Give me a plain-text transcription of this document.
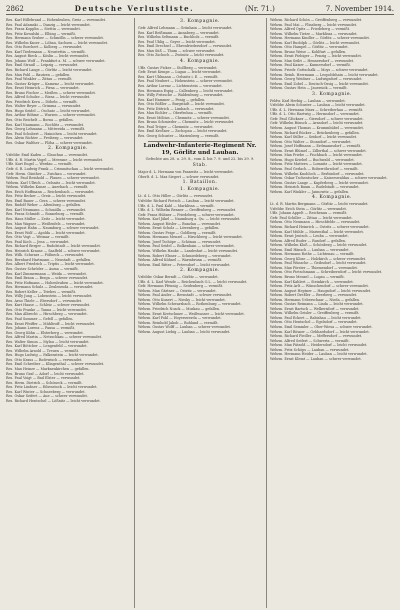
2862	Deutsche Verlustliste.	(Nr. 71.)	7. November 1914.
Res. Karl Hillebrand — Hohenleuben, Greiz — verwundet.
Res. Paul Adamski — Danzig — leicht verwundet.
Res. Franz Kopplin — Stettin — verwundet.
Res. Fritz Kowalski — Elbing — vermißt.
Res. Hermann Gruber — Schmölln — schwer verwundet.
Res. Wilhelm Knorr — Löbau, Sachsen — leicht verwundet.
Res. Otto Borchert — Kolberg — verwundet.
Res. Karl Tiedemann — Neustettin — vermißt.
Res. August Rieck — Köslin — leicht verwundet.
Res. Johann Wolf — Frankfurt a. M. — schwer verwundet.
Res. Emil Strauß — Leipzig — verwundet.
Res. Richard Lange — Görlitz — leicht verwundet.
Res. Max Pohl — Bautzen — gefallen.
Res. Paul Winkler — Zittau — vermißt.
Res. Gustav Krüger — Kamenz — leicht verwundet.
Res. Ernst Heinrich — Pirna — verwundet.
Res. Bruno Fischer — Meißen — schwer verwundet.
Res. Alfred Schulze — Riesa — leicht verwundet.
Res. Friedrich Kern — Döbeln — vermißt.
Res. Walter Beyer — Grimma — verwundet.
Res. Hugo Seidel — Oschatz — leicht verwundet.
Res. Arthur Böhme — Wurzen — schwer verwundet.
Res. Otto Reichelt — Borna — gefallen.
Res. Karl Naumann — Rochlitz — verwundet.
Res. Georg Lehmann — Mittweida — vermißt.
Res. Paul Schubert — Hainichen — leicht verwundet.
Res. Alwin Richter — Freiberg — verwundet.
Res. Oskar Walther — Flöha — schwer verwundet.
2. Kompagnie.
Vzfeldw. Emil Kaden — Glauchau — verwundet.
Uffz. d. R. Martin Vogel — Meerane — leicht verwundet.
Uffz. Kurt Engel — Werdau — vermißt.
Gefr. d. R. Ludwig Frank — Crimmitschau — leicht verwundet.
Gefr. Herm. Günther — Zwickau — verwundet.
Wehrm. Paul Reinhold — Plauen — schwer verwundet.
Wehrm. Karl Ullrich — Oelsnitz — leicht verwundet.
Wehrm. Wilhelm Kunze — Auerbach — vermißt.
Res. Erich Hoffmann — Reichenbach — verwundet.
Res. Fritz Becker — Greiz — leicht verwundet.
Res. Emil Bauer — Gera — schwer verwundet.
Res. Rudolf Weber — Altenburg — gefallen.
Res. Karl Neumann — Schmölln — verwundet.
Res. Franz Schmidt — Ronneburg — vermißt.
Res. Hans Müller — Zeitz — leicht verwundet.
Res. Max Wagner — Weißenfels — verwundet.
Res. August Hahn — Naumburg — schwer verwundet.
Res. Ernst Wolf — Apolda — leicht verwundet.
Res. Otto Vogt — Weimar — vermißt.
Res. Paul Koch — Jena — verwundet.
Res. Richard Berger — Rudolstadt — leicht verwundet.
Res. Heinrich Krause — Saalfeld — schwer verwundet.
Res. Wilh. Schwarz — Pößneck — verwundet.
Res. Bernhard Hartmann — Neustadt — gefallen.
Res. Albert Friedrich — Triptis — leicht verwundet.
Res. Gustav Schröder — Auma — vermißt.
Res. Karl Zimmermann — Weida — verwundet.
Res. Emil Braun — Berga — schwer verwundet.
Res. Fritz Hofmann — Hohenleuben — leicht verwundet.
Res. Hermann Schulz — Zeulenroda — verwundet.
Res. Robert Keller — Triebes — vermißt.
Res. Willy Jung — Lobenstein — leicht verwundet.
Res. Arno Thiele — Ebersdorf — verwundet.
Res. Kurt Haase — Schleiz — schwer verwundet.
Res. Otto Franke — Tanna — leicht verwundet.
Res. Max Albrecht — Hirschberg — verwundet.
Res. Paul Sommer — Gefell — gefallen.
Res. Ernst Pfeiffer — Mühltroff — leicht verwundet.
Res. Johann Lorenz — Pausa — vermißt.
Res. Georg Kühn — Elsterberg — verwundet.
Res. Alfred Martin — Netzschkau — schwer verwundet.
Res. Walter Simon — Mylau — leicht verwundet.
Res. Karl Böttcher — Lengenfeld — verwundet.
Res. Wilhelm Arnold — Treuen — vermißt.
Res. Hugo Ludwig — Falkenstein — leicht verwundet.
Res. Otto Kraus — Rodewisch — verwundet.
Res. Emil Schreiber — Klingenthal — schwer verwundet.
Res. Max Heinze — Markneukirchen — gefallen.
Res. Bruno Graf — Adorf — leicht verwundet.
Res. Paul Voigt — Bad Elster — verwundet.
Res. Herm. Dietrich — Schöneck — vermißt.
Res. Fritz Lindner — Eibenstock — leicht verwundet.
Res. Karl Winter — Schneeberg — verwundet.
Res. Oskar Seifert — Aue — schwer verwundet.
Res. Richard Hentschel — Lößnitz — leicht verwundet.
3. Kompagnie.
Gefr. Alfred Lehmann — Grünhain — leicht verwundet.
Res. Karl Reißmann — Annaberg — verwundet.
Res. Wilhelm Seltmann — Buchholz — vermißt.
Res. Paul Uhlig — Geyer — leicht verwundet.
Res. Emil Drechsel — Ehrenfriedersdorf — verwundet.
Res. Max Süß — Thum — schwer verwundet.
Res. Otto Zschoch — Zwönitz — leicht verwundet.
4. Kompagnie.
Uffz. Gustav Ficker — Stollberg — verwundet.
Gefr. Ernst Kempe — Lugau — leicht verwundet.
Res. Kurt Uhlmann — Oelsnitz i. E. — vermißt.
Res. Paul Neubert — Hohenstein — schwer verwundet.
Res. Arthur Lorenz — Lichtenstein — verwundet.
Res. Hermann Espig — Callenberg — leicht verwundet.
Res. Willy Fritzsche — Waldenburg — verwundet.
Res. Karl Hammer — Penig — gefallen.
Res. Otto Rößler — Burgstädt — leicht verwundet.
Res. Fritz Dittrich — Limbach — verwundet.
Res. Max Eichler — Oberfrohna — vermißt.
Res. Ernst Möbius — Chemnitz — schwer verwundet.
Res. Bruno Schmieder — Chemnitz — leicht verwundet.
Res. Paul Tröger — Chemnitz — verwundet.
Res. Emil Kreßner — Zschopau — leicht verwundet.
Res. Georg Schuster — Marienberg — vermißt.
Landwehr-Infanterie-Regiment Nr. 19, Görlitz und Lauban.
Gefechte am 28. u. 29. 8., vom 4. bis 7. 9. und 22. bis 29. 9.
Stab.
Major d. L. Hermann von Pannwitz — leicht verwundet.
Oberlt. d. L. Max Siegert — schwer verwundet.
1. Bataillon.
1. Kompagnie.
Lt. d. L. Otto Hiller — Görlitz — verwundet.
Vzfeldw. Richard Pietsch — Lauban — leicht verwundet.
Uffz. d. L. Paul Kahl — Marklissa — vermißt.
Uffz. d. L. Wilhelm Renner — Greiffenberg — verwundet.
Gefr. Franz Hübner — Friedeberg — schwer verwundet.
Wehrm. Karl Jäkel — Naumburg a. Qu. — leicht verwundet.
Wehrm. August Rösler — Bunzlau — verwundet.
Wehrm. Ernst Scholz — Löwenberg — gefallen.
Wehrm. Gustav Feige — Goldberg — vermißt.
Wehrm. Hermann Menzel — Hirschberg — leicht verwundet.
Wehrm. Josef Tschöpe — Schönau — verwundet.
Wehrm. Paul Seidel — Bolkenhain — schwer verwundet.
Wehrm. Wilhelm Hauke — Landeshut — leicht verwundet.
Wehrm. Robert Elsner — Schmiedeberg — verwundet.
Wehrm. Alfred Kühnel — Warmbrunn — vermißt.
Wehrm. Emil Ritter — Petersdorf — leicht verwundet.
2. Kompagnie.
Vzfeldw. Oskar Berndt — Görlitz — verwundet.
Uffz. d. L. Karl Wende — Reichenbach O.L. — leicht verwundet.
Gefr. Hermann Pfennig — Seidenberg — vermißt.
Wehrm. Max Gärtner — Ostritz — verwundet.
Wehrm. Paul Ander — Bernstadt — schwer verwundet.
Wehrm. Otto Kunert — Niesky — leicht verwundet.
Wehrm. Wilhelm Schwarzbach — Rothenburg — verwundet.
Wehrm. Friedrich Noack — Muskau — gefallen.
Wehrm. Ernst Kretschmer — Weißwasser — leicht verwundet.
Wehrm. Karl Pohl — Hoyerswerda — verwundet.
Wehrm. Reinhold Jakob — Ruhland — vermißt.
Wehrm. Gustav Wolff — Lauban — schwer verwundet.
Wehrm. August Liebig — Lauban — leicht verwundet.
Wehrm. Richard Schön — Greiffenberg — verwundet.
Wehrm. Paul Mai — Flinsberg — leicht verwundet.
Wehrm. Alfred Opitz — Friedeberg — vermißt.
Wehrm. Wilhelm Tietze — Marklissa — verwundet.
Wehrm. Hermann Kindler — Görlitz — schwer verwundet.
Wehrm. Karl Rudolph — Görlitz — leicht verwundet.
Wehrm. Otto Hampel — Görlitz — verwundet.
Wehrm. Bruno Weise — Kohlfurt — gefallen.
Wehrm. Ernst Fiebiger — Penzig — leicht verwundet.
Wehrm. Max Seibt — Hennersdorf — verwundet.
Wehrm. Paul Kaiser — Kunnersdorf — vermißt.
Wehrm. Friedr. Gottschalk — Moys — schwer verwundet.
Wehrm. Reinh. Herrmann — Leopoldshain — leicht verwundet.
Wehrm. Georg Weidner — Ludwigsdorf — verwundet.
Wehrm. Emil Zobel — Deutsch-Ossig — leicht verwundet.
Wehrm. Gustav Hein — Jauernick — vermißt.
3. Kompagnie.
Feldw. Karl Herbig — Lauban — verwundet.
Vzfeldw. Alwin Schuster — Lauban — leicht verwundet.
Uffz. d. L. Hermann Marx — Schreiberhau — vermißt.
Uffz. d. L. Otto Hartwig — Hermsdorf — verwundet.
Gefr. Paul Glöckner — Giersdorf — schwer verwundet.
Gefr. Wilhelm Bönsch — Arnsdorf — leicht verwundet.
Wehrm. August Thomas — Krummhübel — verwundet.
Wehrm. Richard Rücker — Brückenberg — gefallen.
Wehrm. Karl Stiller — Seidorf — leicht verwundet.
Wehrm. Otto Walter — Stonsdorf — verwundet.
Wehrm. Josef Hoffmann — Erdmannsdorf — vermißt.
Wehrm. Ernst Blümel — Zillerthal — schwer verwundet.
Wehrm. Max Friebe — Fischbach — leicht verwundet.
Wehrm. Hugo Kriebel — Buchwald — verwundet.
Wehrm. Fritz Mattern — Lomnitz — leicht verwundet.
Wehrm. Paul Gerlach — Boberröhrsdorf — vermißt.
Wehrm. Wilhelm Knobloch — Berbisdorf — verwundet.
Wehrm. Oskar Tschentscher — Kaiserswaldau — schwer verwundet.
Wehrm. Gustav Lange — Kupferberg — leicht verwundet.
Wehrm. Heinrich Baum — Rudelstadt — verwundet.
Wehrm. Karl Winkler — Jannowitz — gefallen.
4. Kompagnie.
Lt. d. R. Martin Bergmann — Görlitz — leicht verwundet.
Vzfeldw. Erich Stein — Görlitz — verwundet.
Uffz. Johann Appelt — Reichenau — vermißt.
Gefr. Paul Schiller — Zittau — leicht verwundet.
Wehrm. Otto Neumann — Hirschfelde — verwundet.
Wehrm. Richard Heinrich — Ostritz — schwer verwundet.
Wehrm. Karl Mühle — Marienthal — leicht verwundet.
Wehrm. Ernst Jentsch — Leuba — verwundet.
Wehrm. Alfred Buder — Rusdorf — gefallen.
Wehrm. Wilhelm Kloß — Schönberg — leicht verwundet.
Wehrm. Emil Hänsch — Lauban — verwundet.
Wehrm. Hermann Rothe — Lichtenau — vermißt.
Wehrm. Georg Klose — Holzkirch — schwer verwundet.
Wehrm. Paul Wünsche — Geibsdorf — leicht verwundet.
Wehrm. Max Förster — Thiemendorf — verwundet.
Wehrm. Otto Pietschmann — Schreibersdorf — leicht verwundet.
Wehrm. Bruno Menzel — Logau — vermißt.
Wehrm. Karl Kahlert — Steinkirch — verwundet.
Wehrm. Fritz Arlt — Wünschendorf — schwer verwundet.
Wehrm. August Heptner — Haugsdorf — leicht verwundet.
Wehrm. Robert Dreßler — Beerberg — verwundet.
Wehrm. Hermann Ueberschaar — Nieda — gefallen.
Wehrm. Gustav Reimann — Linda — leicht verwundet.
Wehrm. Ernst Bartsch — Welkersdorf — verwundet.
Wehrm. Wilhelm Geisler — Greiffenberg — vermißt.
Wehrm. Paul Eckert — Rabishau — leicht verwundet.
Wehrm. Otto Hentschel — Egelsdorf — verwundet.
Wehrm. Emil Semmler — Ober-Wiesa — schwer verwundet.
Wehrm. Karl Rösner — Gebhardsdorf — leicht verwundet.
Wehrm. Richard Fiedler — Meffersdorf — verwundet.
Wehrm. Alfred Seifert — Schwerta — vermißt.
Wehrm. Max Pätzold — Heidersdorf — leicht verwundet.
Wehrm. Fritz Schöps — Lauban — verwundet.
Wehrm. Hermann Heider — Lauban — leicht verwundet.
Wehrm. Ernst Klemt — Lauban — schwer verwundet.
